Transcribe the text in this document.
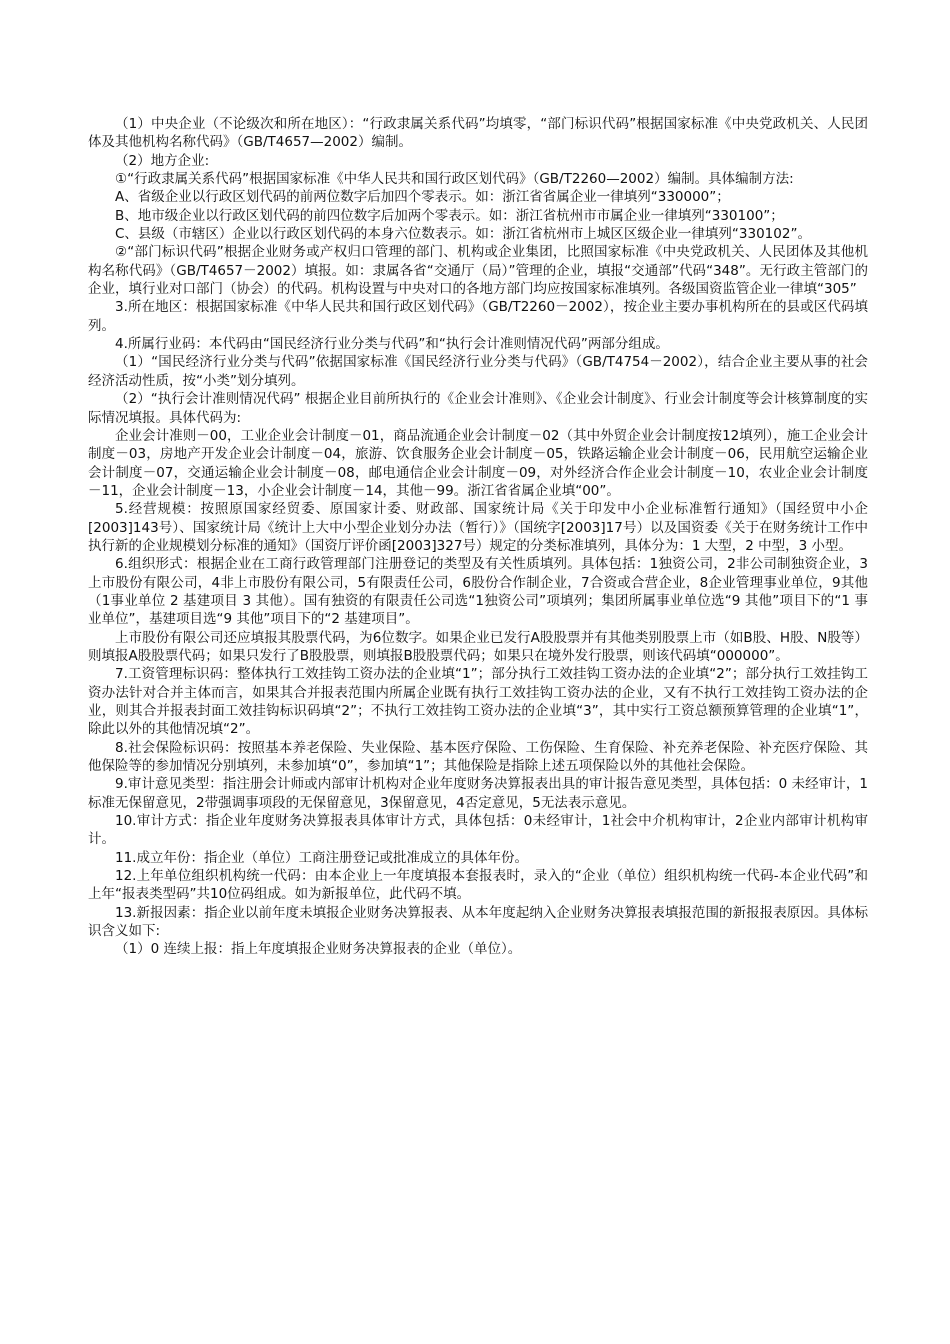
（1）中央企业（不论级次和所在地区）：“行政隶属关系代码”均填零，“部门标识代码”根据国家标准《中央党政机关、人民团体及其他机构名称代码》（GB/T4657—2002）编制。

（2）地方企业:

①“行政隶属关系代码”根据国家标准《中华人民共和国行政区划代码》（GB/T2260—2002）编制。具体编制方法:

A、省级企业以行政区划代码的前两位数字后加四个零表示。如：浙江省省属企业一律填列“330000”；

B、地市级企业以行政区划代码的前四位数字后加两个零表示。如：浙江省杭州市市属企业一律填列“330100”；

C、县级（市辖区）企业以行政区划代码的本身六位数表示。如：浙江省杭州市上城区区级企业一律填列“330102”。

②“部门标识代码”根据企业财务或产权归口管理的部门、机构或企业集团，比照国家标准《中央党政机关、人民团体及其他机构名称代码》（GB/T4657－2002）填报。如：隶属各省“交通厅（局）”管理的企业，填报“交通部”代码“348”。无行政主管部门的企业，填行业对口部门（协会）的代码。机构设置与中央对口的各地方部门均应按国家标准填列。各级国资监管企业一律填“305”

3.所在地区：根据国家标准《中华人民共和国行政区划代码》（GB/T2260－2002），按企业主要办事机构所在的县或区代码填列。

4.所属行业码：本代码由“国民经济行业分类与代码”和“执行会计准则情况代码”两部分组成。

（1）“国民经济行业分类与代码”依据国家标准《国民经济行业分类与代码》（GB/T4754－2002），结合企业主要从事的社会经济活动性质，按“小类”划分填列。

（2）“执行会计准则情况代码” 根据企业目前所执行的《企业会计准则》、《企业会计制度》、行业会计制度等会计核算制度的实际情况填报。具体代码为:

企业会计准则－00，工业企业会计制度－01，商品流通企业会计制度－02（其中外贸企业会计制度按12填列），施工企业会计制度－03，房地产开发企业会计制度－04，旅游、饮食服务企业会计制度－05，铁路运输企业会计制度－06，民用航空运输企业会计制度－07，交通运输企业会计制度－08，邮电通信企业会计制度－09，对外经济合作企业会计制度－10，农业企业会计制度－11，企业会计制度－13，小企业会计制度－14，其他－99。浙江省省属企业填“00”。

5.经营规模：按照原国家经贸委、原国家计委、财政部、国家统计局《关于印发中小企业标准暂行通知》（国经贸中小企[2003]143号）、国家统计局《统计上大中小型企业划分办法（暂行）》（国统字[2003]17号）以及国资委《关于在财务统计工作中执行新的企业规模划分标准的通知》（国资厅评价函[2003]327号）规定的分类标准填列，具体分为：1 大型，2 中型，3 小型。

6.组织形式：根据企业在工商行政管理部门注册登记的类型及有关性质填列。具体包括：1独资公司，2非公司制独资企业，3上市股份有限公司，4非上市股份有限公司，5有限责任公司，6股份合作制企业，7合资或合营企业，8企业管理事业单位，9其他（1事业单位 2 基建项目 3 其他）。国有独资的有限责任公司选“1独资公司”项填列；集团所属事业单位选“9 其他”项目下的“1 事业单位”，基建项目选“9 其他”项目下的“2 基建项目”。

上市股份有限公司还应填报其股票代码，为6位数字。如果企业已发行A股股票并有其他类别股票上市（如B股、H股、N股等）则填报A股股票代码；如果只发行了B股股票，则填报B股股票代码；如果只在境外发行股票，则该代码填“000000”。

7.工资管理标识码：整体执行工效挂钩工资办法的企业填“1”；部分执行工效挂钩工资办法的企业填“2”；部分执行工效挂钩工资办法针对合并主体而言，如果其合并报表范围内所属企业既有执行工效挂钩工资办法的企业，又有不执行工效挂钩工资办法的企业，则其合并报表封面工效挂钩标识码填“2”；不执行工效挂钩工资办法的企业填“3”，其中实行工资总额预算管理的企业填“1”，除此以外的其他情况填“2”。

8.社会保险标识码：按照基本养老保险、失业保险、基本医疗保险、工伤保险、生育保险、补充养老保险、补充医疗保险、其他保险等的参加情况分别填列，未参加填“0”，参加填“1”；其他保险是指除上述五项保险以外的其他社会保险。

9.审计意见类型：指注册会计师或内部审计机构对企业年度财务决算报表出具的审计报告意见类型，具体包括：0 未经审计，1标准无保留意见，2带强调事项段的无保留意见，3保留意见，4否定意见，5无法表示意见。

10.审计方式：指企业年度财务决算报表具体审计方式，具体包括：0未经审计，1社会中介机构审计，2企业内部审计机构审计。

11.成立年份：指企业（单位）工商注册登记或批准成立的具体年份。

12.上年单位组织机构统一代码：由本企业上一年度填报本套报表时，录入的“企业（单位）组织机构统一代码-本企业代码”和上年“报表类型码”共10位码组成。如为新报单位，此代码不填。

13.新报因素：指企业以前年度未填报企业财务决算报表、从本年度起纳入企业财务决算报表填报范围的新报报表原因。具体标识含义如下:

（1）0 连续上报：指上年度填报企业财务决算报表的企业（单位）。
